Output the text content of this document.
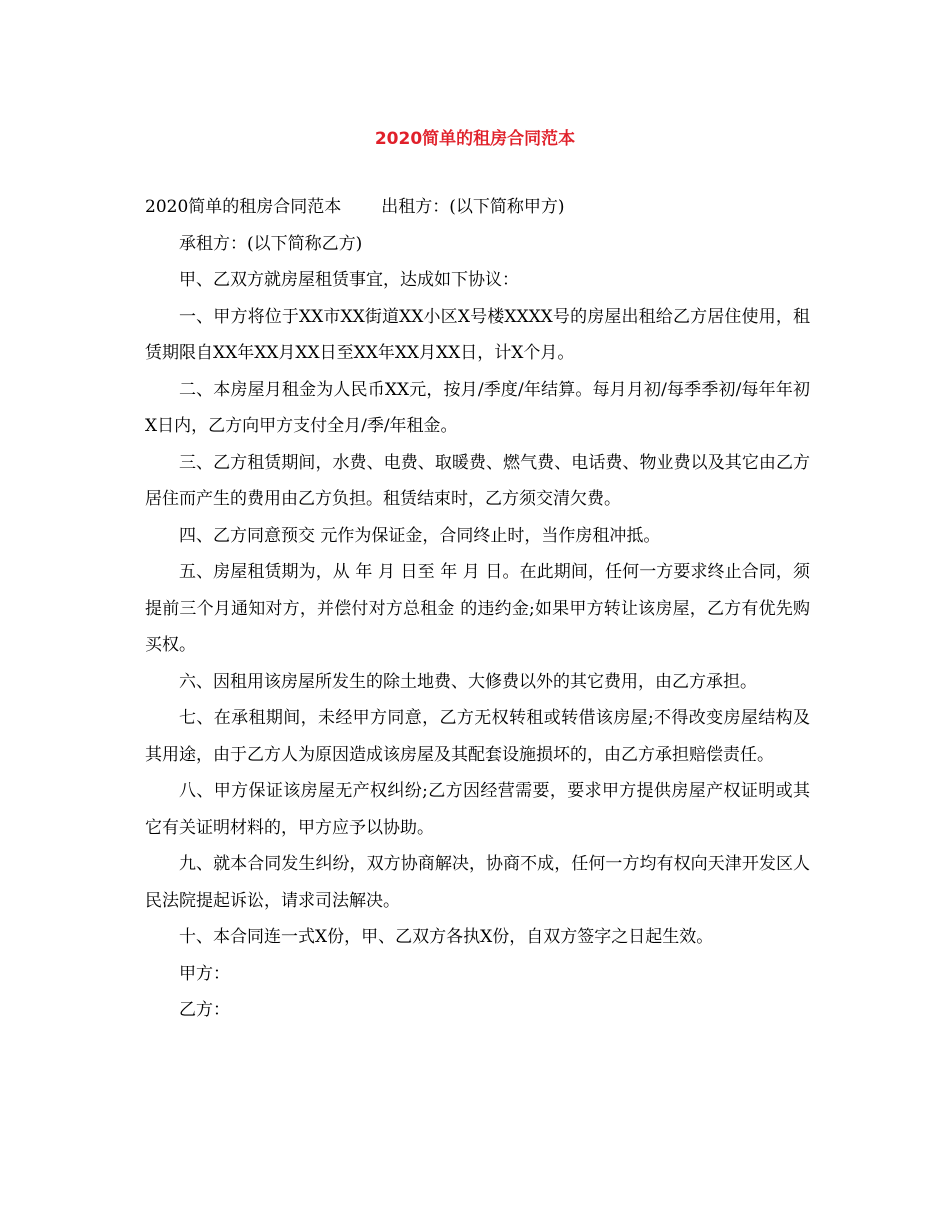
2020简单的租房合同范本

2020简单的租房合同范本 出租方：(以下简称甲方)

承租方：(以下简称乙方)

甲、乙双方就房屋租赁事宜，达成如下协议：

一、甲方将位于XX市XX街道XX小区X号楼XXXX号的房屋出租给乙方居住使用，租赁期限自XX年XX月XX日至XX年XX月XX日，计X个月。

二、本房屋月租金为人民币XX元，按月/季度/年结算。每月月初/每季季初/每年年初X日内，乙方向甲方支付全月/季/年租金。

三、乙方租赁期间，水费、电费、取暖费、燃气费、电话费、物业费以及其它由乙方居住而产生的费用由乙方负担。租赁结束时，乙方须交清欠费。

四、乙方同意预交 元作为保证金，合同终止时，当作房租冲抵。

五、房屋租赁期为，从 年 月 日至 年 月 日。在此期间，任何一方要求终止合同，须提前三个月通知对方，并偿付对方总租金 的违约金;如果甲方转让该房屋，乙方有优先购买权。

六、因租用该房屋所发生的除土地费、大修费以外的其它费用，由乙方承担。

七、在承租期间，未经甲方同意，乙方无权转租或转借该房屋;不得改变房屋结构及其用途，由于乙方人为原因造成该房屋及其配套设施损坏的，由乙方承担赔偿责任。

八、甲方保证该房屋无产权纠纷;乙方因经营需要，要求甲方提供房屋产权证明或其它有关证明材料的，甲方应予以协助。

九、就本合同发生纠纷，双方协商解决，协商不成，任何一方均有权向天津开发区人民法院提起诉讼，请求司法解决。

十、本合同连一式X份，甲、乙双方各执X份，自双方签字之日起生效。

甲方：

乙方：
